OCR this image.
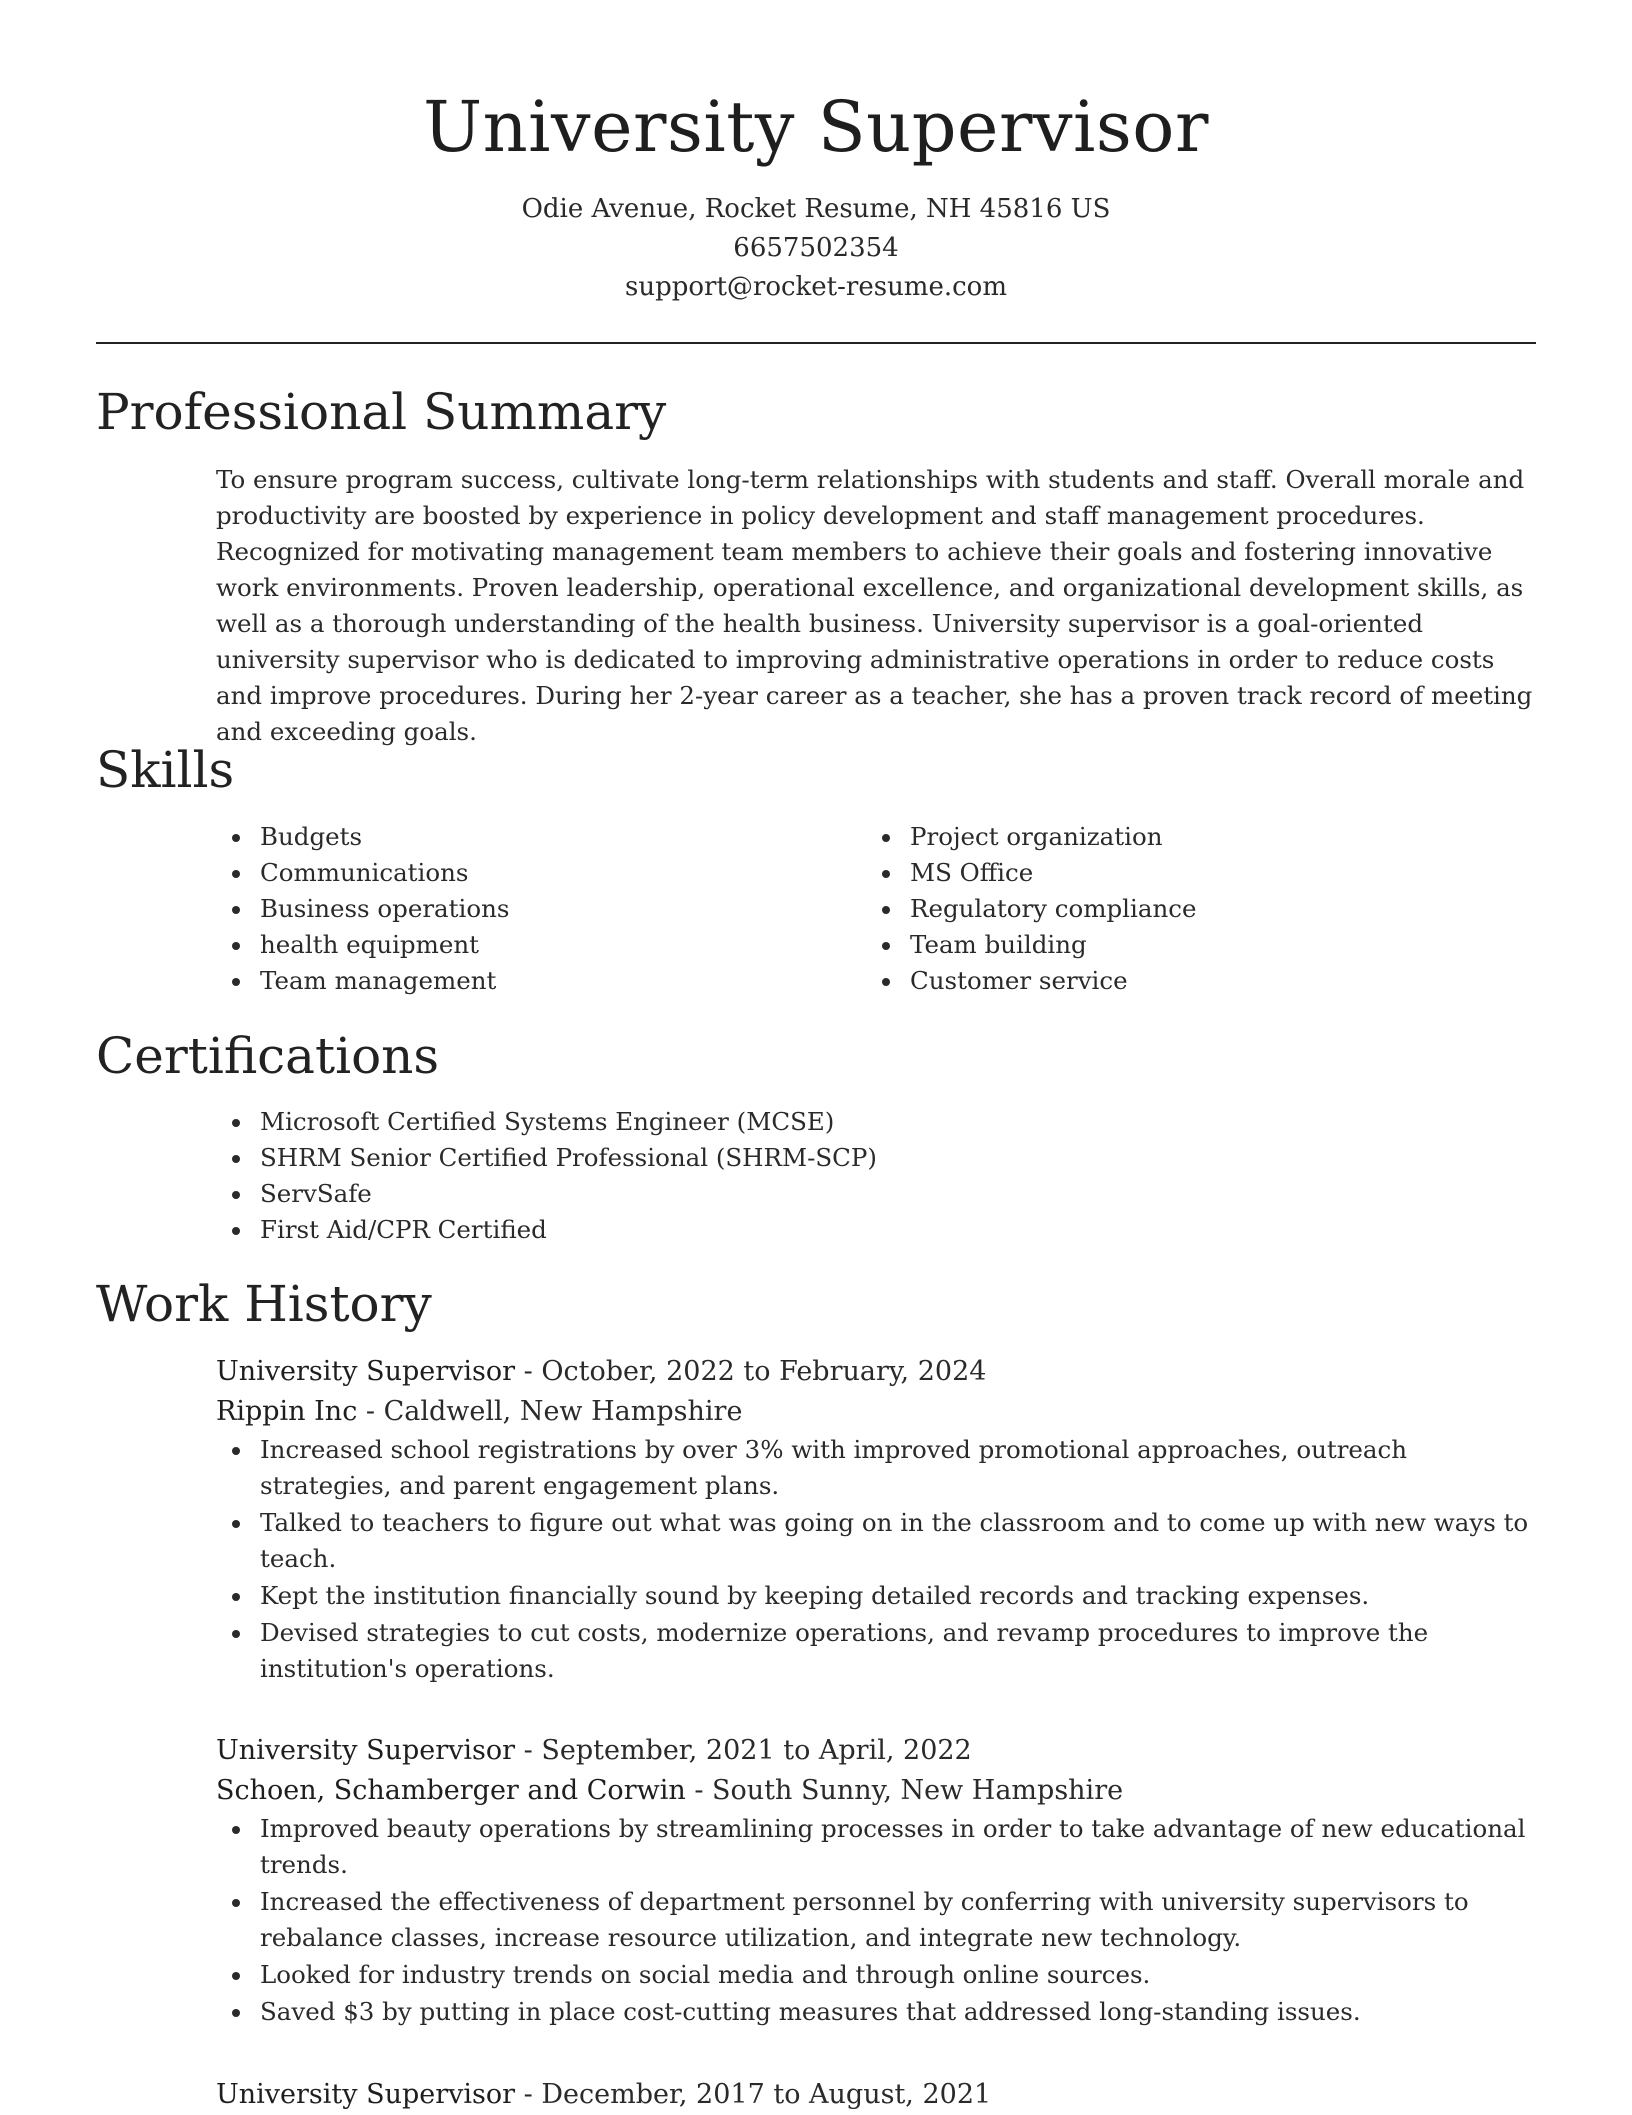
University Supervisor
Odie Avenue, Rocket Resume, NH 45816 US
6657502354
support@rocket-resume.com
Professional Summary

To ensure program success, cultivate long-term relationships with students and staff. Overall morale and productivity are boosted by experience in policy development and staff management procedures. Recognized for motivating management team members to achieve their goals and fostering innovative work environments. Proven leadership, operational excellence, and organizational development skills, as well as a thorough understanding of the health business. University supervisor is a goal-oriented university supervisor who is dedicated to improving administrative operations in order to reduce costs and improve procedures. During her 2-year career as a teacher, she has a proven track record of meeting and exceeding goals.

Skills
Budgets
Communications
Business operations
health equipment
Team management
Project organization
MS Office
Regulatory compliance
Team building
Customer service
Certifications
Microsoft Certified Systems Engineer (MCSE)
SHRM Senior Certified Professional (SHRM-SCP)
ServSafe
First Aid/CPR Certified
Work History
University Supervisor - October, 2022 to February, 2024
Rippin Inc - Caldwell, New Hampshire
Increased school registrations by over 3% with improved promotional approaches, outreach strategies, and parent engagement plans.
Talked to teachers to figure out what was going on in the classroom and to come up with new ways to teach.
Kept the institution financially sound by keeping detailed records and tracking expenses.
Devised strategies to cut costs, modernize operations, and revamp procedures to improve the institution's operations.
University Supervisor - September, 2021 to April, 2022
Schoen, Schamberger and Corwin - South Sunny, New Hampshire
Improved beauty operations by streamlining processes in order to take advantage of new educational trends.
Increased the effectiveness of department personnel by conferring with university supervisors to rebalance classes, increase resource utilization, and integrate new technology.
Looked for industry trends on social media and through online sources.
Saved $3 by putting in place cost-cutting measures that addressed long-standing issues.
University Supervisor - December, 2017 to August, 2021
